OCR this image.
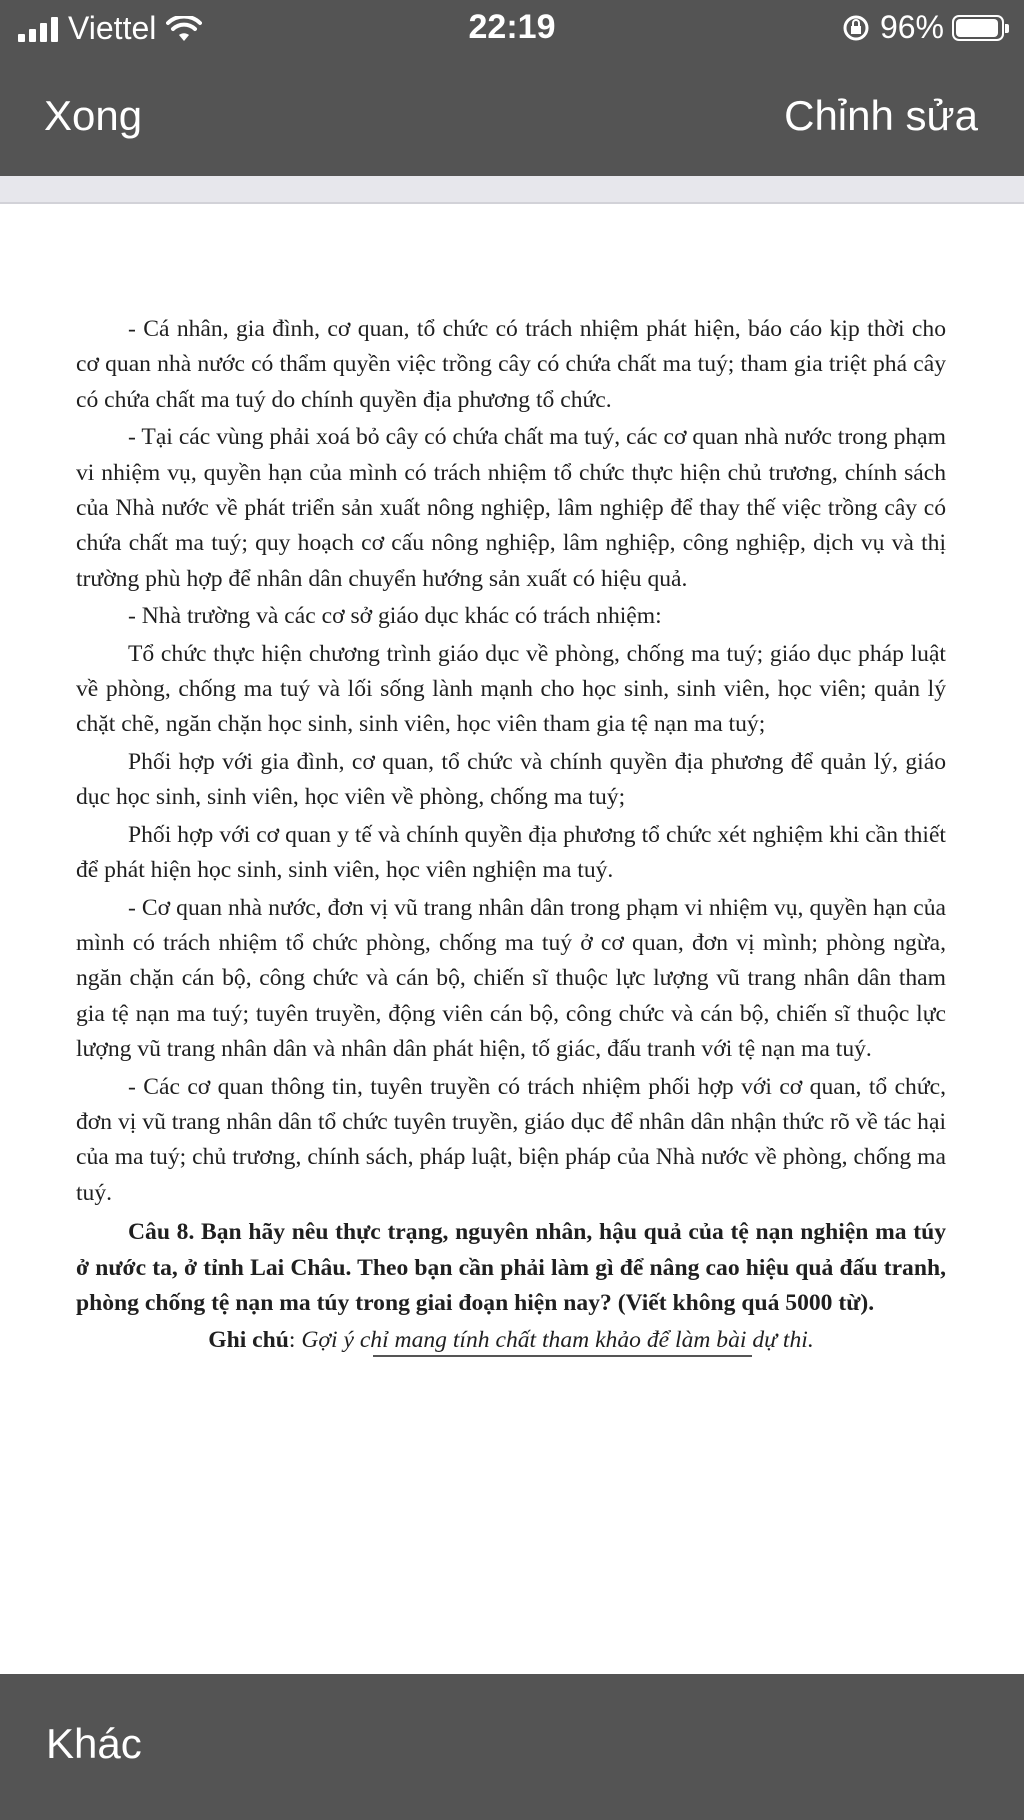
Viettel	22:19	96%
Xong	Chỉnh sửa

- Cá nhân, gia đình, cơ quan, tổ chức có trách nhiệm phát hiện, báo cáo kịp thời cho cơ quan nhà nước có thẩm quyền việc trồng cây có chứa chất ma tuý; tham gia triệt phá cây có chứa chất ma tuý do chính quyền địa phương tổ chức.

- Tại các vùng phải xoá bỏ cây có chứa chất ma tuý, các cơ quan nhà nước trong phạm vi nhiệm vụ, quyền hạn của mình có trách nhiệm tổ chức thực hiện chủ trương, chính sách của Nhà nước về phát triển sản xuất nông nghiệp, lâm nghiệp để thay thế việc trồng cây có chứa chất ma tuý; quy hoạch cơ cấu nông nghiệp, lâm nghiệp, công nghiệp, dịch vụ và thị trường phù hợp để nhân dân chuyển hướng sản xuất có hiệu quả.

- Nhà trường và các cơ sở giáo dục khác có trách nhiệm:

Tổ chức thực hiện chương trình giáo dục về phòng, chống ma tuý; giáo dục pháp luật về phòng, chống ma tuý và lối sống lành mạnh cho học sinh, sinh viên, học viên; quản lý chặt chẽ, ngăn chặn học sinh, sinh viên, học viên tham gia tệ nạn ma tuý;

Phối hợp với gia đình, cơ quan, tổ chức và chính quyền địa phương để quản lý, giáo dục học sinh, sinh viên, học viên về phòng, chống ma tuý;

Phối hợp với cơ quan y tế và chính quyền địa phương tổ chức xét nghiệm khi cần thiết để phát hiện học sinh, sinh viên, học viên nghiện ma tuý.

- Cơ quan nhà nước, đơn vị vũ trang nhân dân trong phạm vi nhiệm vụ, quyền hạn của mình có trách nhiệm tổ chức phòng, chống ma tuý ở cơ quan, đơn vị mình; phòng ngừa, ngăn chặn cán bộ, công chức và cán bộ, chiến sĩ thuộc lực lượng vũ trang nhân dân tham gia tệ nạn ma tuý; tuyên truyền, động viên cán bộ, công chức và cán bộ, chiến sĩ thuộc lực lượng vũ trang nhân dân và nhân dân phát hiện, tố giác, đấu tranh với tệ nạn ma tuý.

- Các cơ quan thông tin, tuyên truyền có trách nhiệm phối hợp với cơ quan, tổ chức, đơn vị vũ trang nhân dân tổ chức tuyên truyền, giáo dục để nhân dân nhận thức rõ về tác hại của ma tuý; chủ trương, chính sách, pháp luật, biện pháp của Nhà nước về phòng, chống ma tuý.

Câu 8. Bạn hãy nêu thực trạng, nguyên nhân, hậu quả của tệ nạn nghiện ma túy ở nước ta, ở tỉnh Lai Châu. Theo bạn cần phải làm gì để nâng cao hiệu quả đấu tranh, phòng chống tệ nạn ma túy trong giai đoạn hiện nay? (Viết không quá 5000 từ).

Ghi chú: Gợi ý chỉ mang tính chất tham khảo để làm bài dự thi.

Khác
